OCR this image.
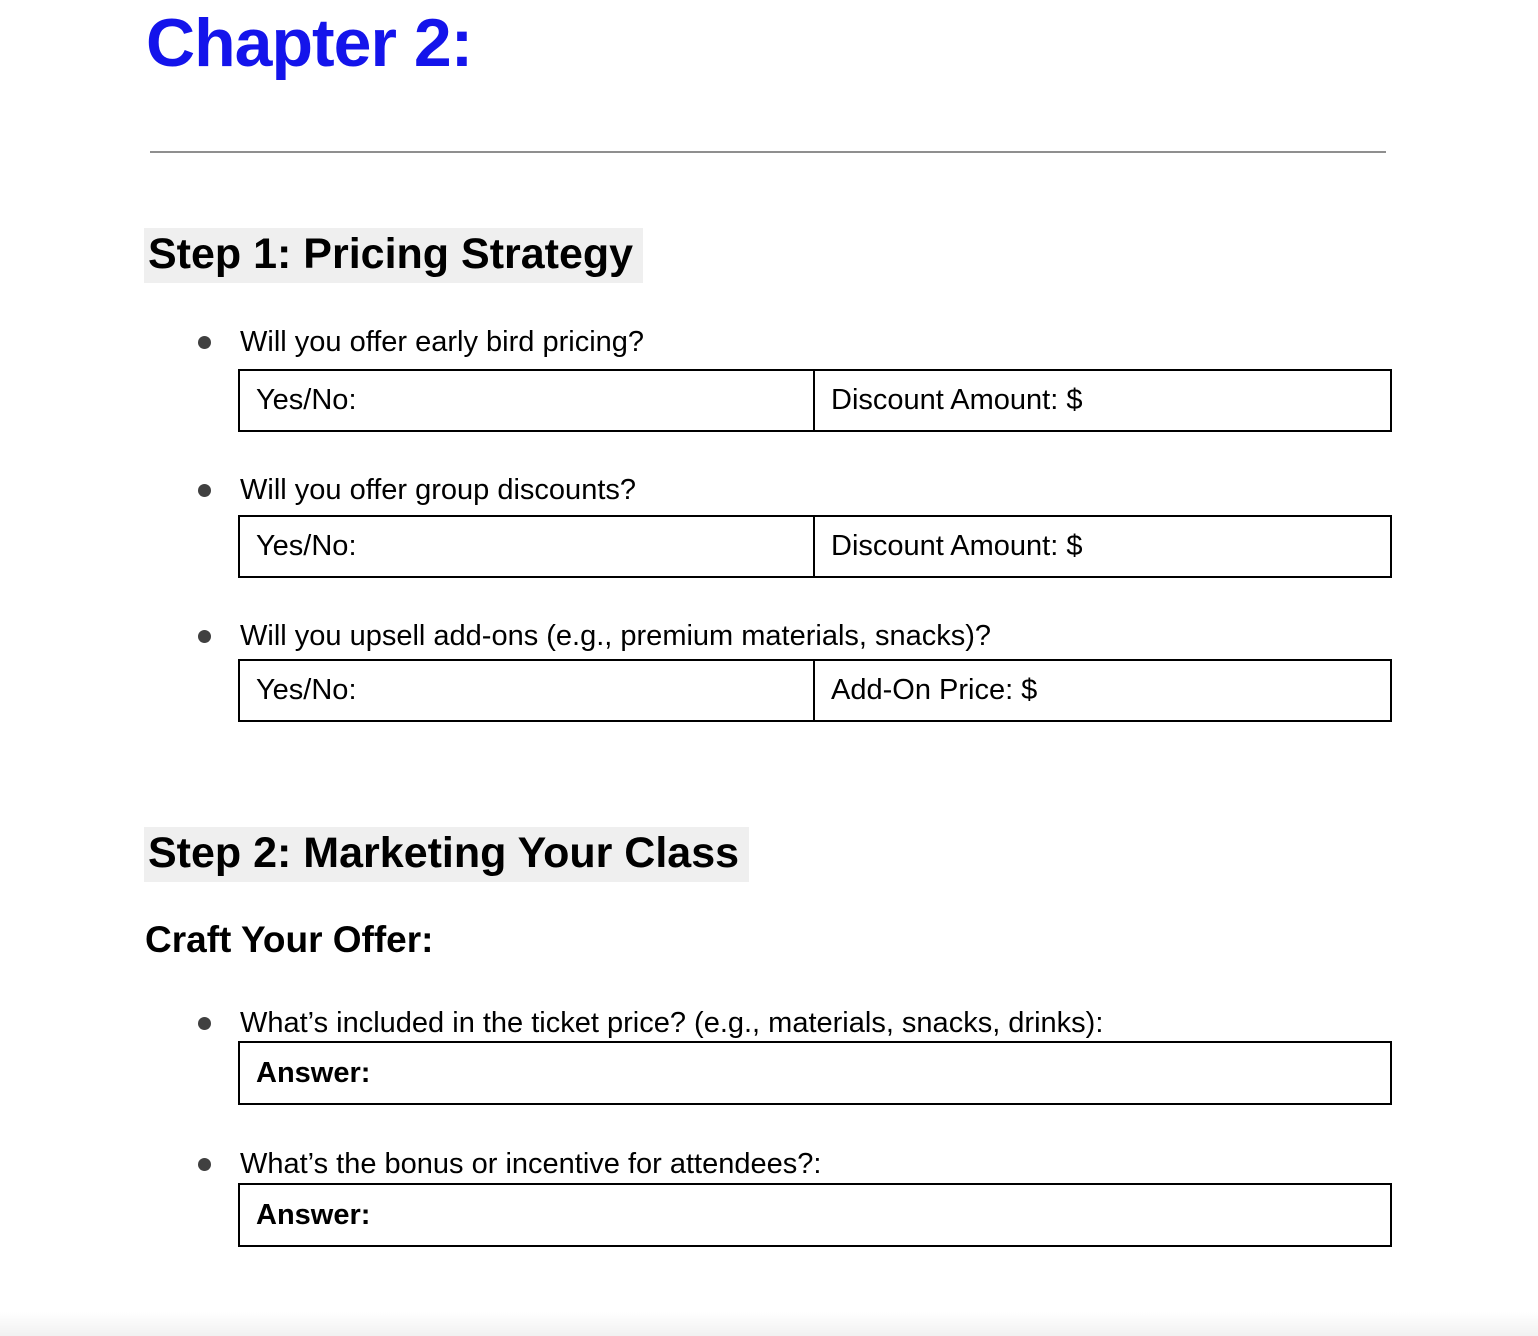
Chapter 2:
Step 1: Pricing Strategy
Will you offer early bird pricing?
Yes/No:	Discount Amount: $
Will you offer group discounts?
Yes/No:	Discount Amount: $
Will you upsell add-ons (e.g., premium materials, snacks)?
Yes/No:	Add-On Price: $
Step 2: Marketing Your Class
Craft Your Offer:
What’s included in the ticket price? (e.g., materials, snacks, drinks):
Answer:
What’s the bonus or incentive for attendees?:
Answer:
